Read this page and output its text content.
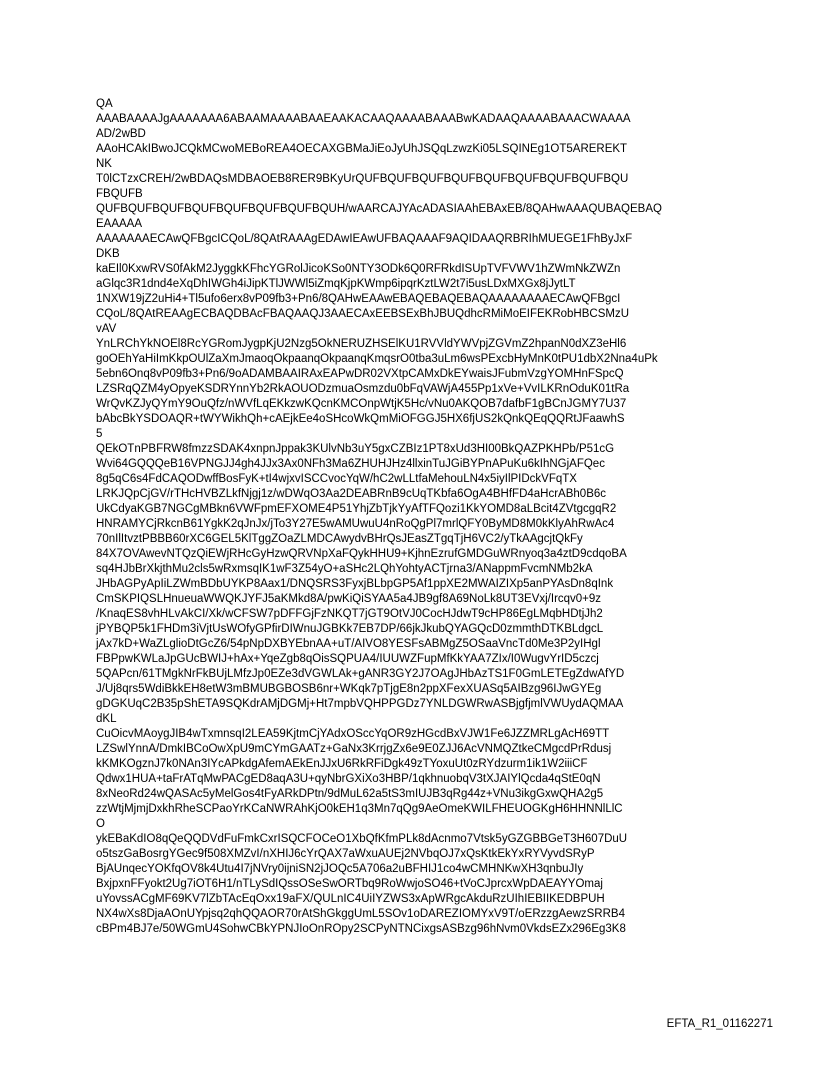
QA
AAABAAAAJgAAAAAAA6ABAAMAAAABAAEAAKACAAQAAAABAAABwKADAAQAAAABAAACWAAAA
AD/2wBD
AAoHCAkIBwoJCQkMCwoMEBoREA4OECAXGBMaJiEoJyUhJSQqLzwzKi05LSQINEg1OT5AREREKT
NK
T0lCTzxCREH/2wBDAQsMDBAOEB8RER9BKyUrQUFBQUFBQUFBQUFBQUFBQUFBQUFBQUFBQU
FBQUFB
QUFBQUFBQUFBQUFBQUFBQUFBQUFBQUH/wAARCAJYAcADASIAAhEBAxEB/8QAHwAAAQUBAQEBAQ
EAAAAA
AAAAAAAECAwQFBgcICQoL/8QAtRAAAgEDAwIEAwUFBAQAAAF9AQIDAAQRBRIhMUEGE1FhByJxF
DKB
kaEIl0KxwRVS0fAkM2JyggkKFhcYGRolJicoKSo0NTY3ODk6Q0RFRkdISUpTVFVWV1hZWmNkZWZn
aGlqc3R1dnd4eXqDhIWGh4iJipKTlJWWl5iZmqKjpKWmp6ipqrKztLW2t7i5usLDxMXGx8jJytLT
1NXW19jZ2uHi4+Tl5ufo6erx8vP09fb3+Pn6/8QAHwEAAwEBAQEBAQEBAQAAAAAAAAECAwQFBgcI
CQoL/8QAtREAAgECBAQDBAcFBAQAAQJ3AAECAxEEBSExBhJBUQdhcRMiMoEIFEKRobHBCSMzU
vAV
YnLRChYkNOEl8RcYGRomJygpKjU2Nzg5OkNERUZHSElKU1RVVldYWVpjZGVmZ2hpanN0dXZ3eHl6
goOEhYaHiImKkpOUlZaXmJmaoqOkpaanqOkpaanqKmqsrO0tba3uLm6wsPExcbHyMnK0tPU1dbX2Nna4uPk
5ebn6Onq8vP09fb3+Pn6/9oADAMBAAIRAxEAPwDR02VXtpCAMxDkEYwaisJFubmVzgYOMHnFSpcQ
LZSRqQZM4yOpyeKSDRYnnYb2RkAOUODzmuaOsmzdu0bFqVAWjA455Pp1xVe+VvILKRnOduK01tRa
WrQvKZJyQYmY9OuQfz/nWVfLqEKkzwKQcnKMCOnpWtjK5Hc/vNu0AKQOB7dafbF1gBCnJGMY7U37
bAbcBkYSDOAQR+tWYWikhQh+cAEjkEe4oSHcoWkQmMiOFGGJ5HX6fjUS2kQnkQEqQQRtJFaawhS
5
QEkOTnPBFRW8fmzzSDAK4xnpnJppak3KUlvNb3uY5gxCZBIz1PT8xUd3HI00BkQAZPKHPb/P51cG
Wvi64GQQQeB16VPNGJJ4gh4JJx3Ax0NFh3Ma6ZHUHJHz4llxinTuJGiBYPnAPuKu6kIhNGjAFQec
8g5qC6s4FdCAQODwffBosFyK+tI4wjxvISCCvocYqW/hC2wLLtfaMehouLN4x5iyIlPIDckVFqTX
LRKJQpCjGV/rTHcHVBZLkfNjgj1z/wDWqO3Aa2DEABRnB9cUqTKbfa6OgA4BHfFD4aHcrABh0B6c
UkCdyaKGB7NGCgMBkn6VWFpmEFXOME4P51YhjZbTjkYyAfTFQozi1KkYOMD8aLBcit4ZVtgcgqR2
HNRAMYCjRkcnB61YgkK2qJnJx/jTo3Y27E5wAMUwuU4nRoQgPl7mrlQFY0ByMD8M0kKlyAhRwAc4
70nIlItvztPBBB60rXC6GEL5KlTggZOaZLMDCAwydvBHrQsJEasZTgqTjH6VC2/yTkAAgcjtQkFy
84X7OVAwevNTQzQiEWjRHcGyHzwQRVNpXaFQykHHU9+KjhnEzrufGMDGuWRnyoq3a4ztD9cdqoBA
sq4HJbBrXkjthMu2cls5wRxmsqIK1wF3Z54yO+aSHc2LQhYohtyACTjrna3/ANappmFvcmNMb2kA
JHbAGPyApIiLZWmBDbUYKP8Aax1/DNQSRS3FyxjBLbpGP5Af1ppXE2MWAIZIXp5anPYAsDn8qInk
CmSKPIQSLHnueuaWWQKJYFJ5aKMkd8A/pwKiQiSYAA5a4JB9gf8A69NoLk8UT3EVxj/Ircqv0+9z
/KnaqES8vhHLvAkCI/Xk/wCFSW7pDFFGjFzNKQT7jGT9OtVJ0CocHJdwT9cHP86EgLMqbHDtjJh2
jPYBQP5k1FHDm3iVjtUsWOfyGPfirDIWnuJGBKk7EB7DP/66jkJkubQYAGQcD0zmmthDTKBLdgcL
jAx7kD+WaZLglioDtGcZ6/54pNpDXBYEbnAA+uT/AIVO8YESFsABMgZ5OSaaVncTd0Me3P2yIHgl
FBPpwKWLaJpGUcBWIJ+hAx+YqeZgb8qOisSQPUA4/IUUWZFupMfKkYAA7ZIx/I0WugvYrID5czcj
5QAPcn/61TMgkNrFkBUjLMfzJp0EZe3dVGWLAk+gANR3GY2J7OAgJHbAzTS1F0GmLETEgZdwAfYD
J/Uj8qrs5WdiBkkEH8etW3mBMUBGBOSB6nr+WKqk7pTjgE8n2ppXFexXUASq5AIBzg96IJwGYEg
gDGKUqC2B35pShETA9SQKdrAMjDGMj+Ht7mpbVQHPPGDz7YNLDGWRwASBjgfjmlVWUydAQMAA
dKL
CuOicvMAoygJIB4wTxmnsqI2LEA59KjtmCjYAdxOSccYqOR9zHGcdBxVJW1Fe6JZZMRLgAcH69TT
LZSwlYnnA/DmkIBCoOwXpU9mCYmGAATz+GaNx3KrrjgZx6e9E0ZJJ6AcVNMQZtkeCMgcdPrRdusj
kKMKOgznJ7k0NAn3IYcAPkdgAfemAEkEnJJxU6RkRFiDgk49zTYoxuUt0zRYdzurm1ik1W2iiiCF
Qdwx1HUA+taFrATqMwPACgED8aqA3U+qyNbrGXiXo3HBP/1qkhnuobqV3tXJAIYlQcda4qStE0qN
8xNeoRd24wQASAc5yMelGos4tFyARkDPtn/9dMuL62a5tS3mIUJB3qRg44z+VNu3ikgGxwQHA2g5
zzWtjMjmjDxkhRheSCPaoYrKCaNWRAhKjO0kEH1q3Mn7qQg9AeOmeKWILFHEUOGKgH6HHNNlLlC
O
ykEBaKdIO8qQeQQDVdFuFmkCxrISQCFOCeO1XbQfKfmPLk8dAcnmo7Vtsk5yGZGBBGeT3H607DuU
o5tszGaBosrgYGec9f508XMZvI/nXHIJ6cYrQAX7aWxuAUEj2NVbqOJ7xQsKtkEkYxRYVyvdSRyP
BjAUnqecYOKfqOV8k4Utu4I7jNVry0ijniSN2jJOQc5A706a2uBFHIJ1co4wCMHNKwXH3qnbuJIy
BxjpxnFFyokt2Ug7iOT6H1/nTLySdIQssOSeSwORTbq9RoWwjoSO46+tVoCJprcxWpDAEAYYOmaj
uYovssACgMF69KV7lZbTAcEqOxx19aFX/QULnIC4UiIYZWS3xApWRgcAkduRzUIhIEBIIKEDBPUH
NX4wXs8DjaAOnUYpjsq2qhQQAOR70rAtShGkggUmL5SOv1oDAREZIOMYxV9T/oERzzgAewzSRRB4
cBPm4BJ7e/50WGmU4SohwCBkYPNJIoOnROpy2SCPyNTNCixgsASBzg96hNvm0VkdsEZx296Eg3K8
EFTA_R1_01162271
